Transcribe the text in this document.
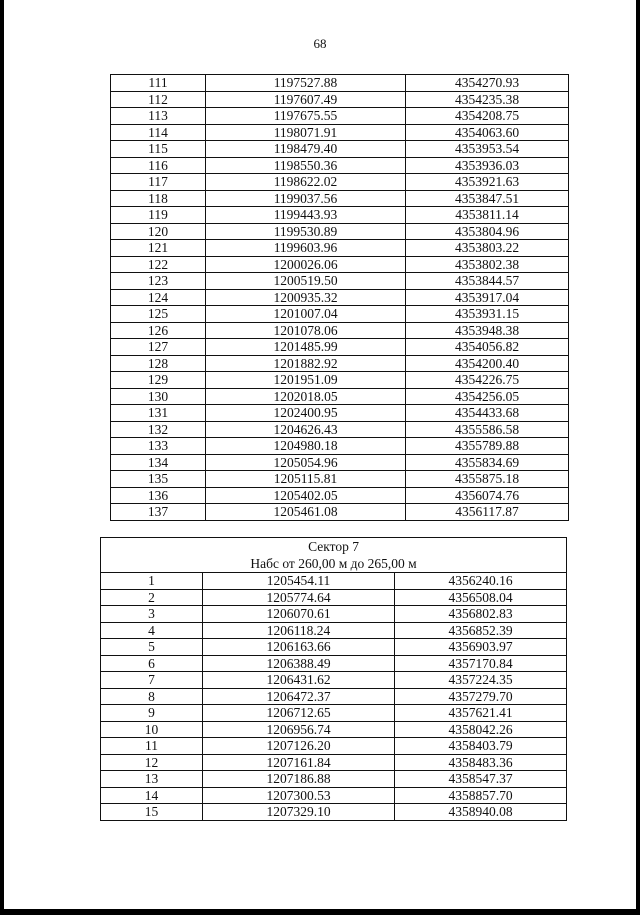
68
111	1197527.88	4354270.93
112	1197607.49	4354235.38
113	1197675.55	4354208.75
114	1198071.91	4354063.60
115	1198479.40	4353953.54
116	1198550.36	4353936.03
117	1198622.02	4353921.63
118	1199037.56	4353847.51
119	1199443.93	4353811.14
120	1199530.89	4353804.96
121	1199603.96	4353803.22
122	1200026.06	4353802.38
123	1200519.50	4353844.57
124	1200935.32	4353917.04
125	1201007.04	4353931.15
126	1201078.06	4353948.38
127	1201485.99	4354056.82
128	1201882.92	4354200.40
129	1201951.09	4354226.75
130	1202018.05	4354256.05
131	1202400.95	4354433.68
132	1204626.43	4355586.58
133	1204980.18	4355789.88
134	1205054.96	4355834.69
135	1205115.81	4355875.18
136	1205402.05	4356074.76
137	1205461.08	4356117.87
Сектор 7
Набс от 260,00 м до 265,00 м		

1	1205454.11	4356240.16
2	1205774.64	4356508.04
3	1206070.61	4356802.83
4	1206118.24	4356852.39
5	1206163.66	4356903.97
6	1206388.49	4357170.84
7	1206431.62	4357224.35
8	1206472.37	4357279.70
9	1206712.65	4357621.41
10	1206956.74	4358042.26
11	1207126.20	4358403.79
12	1207161.84	4358483.36
13	1207186.88	4358547.37
14	1207300.53	4358857.70
15	1207329.10	4358940.08
